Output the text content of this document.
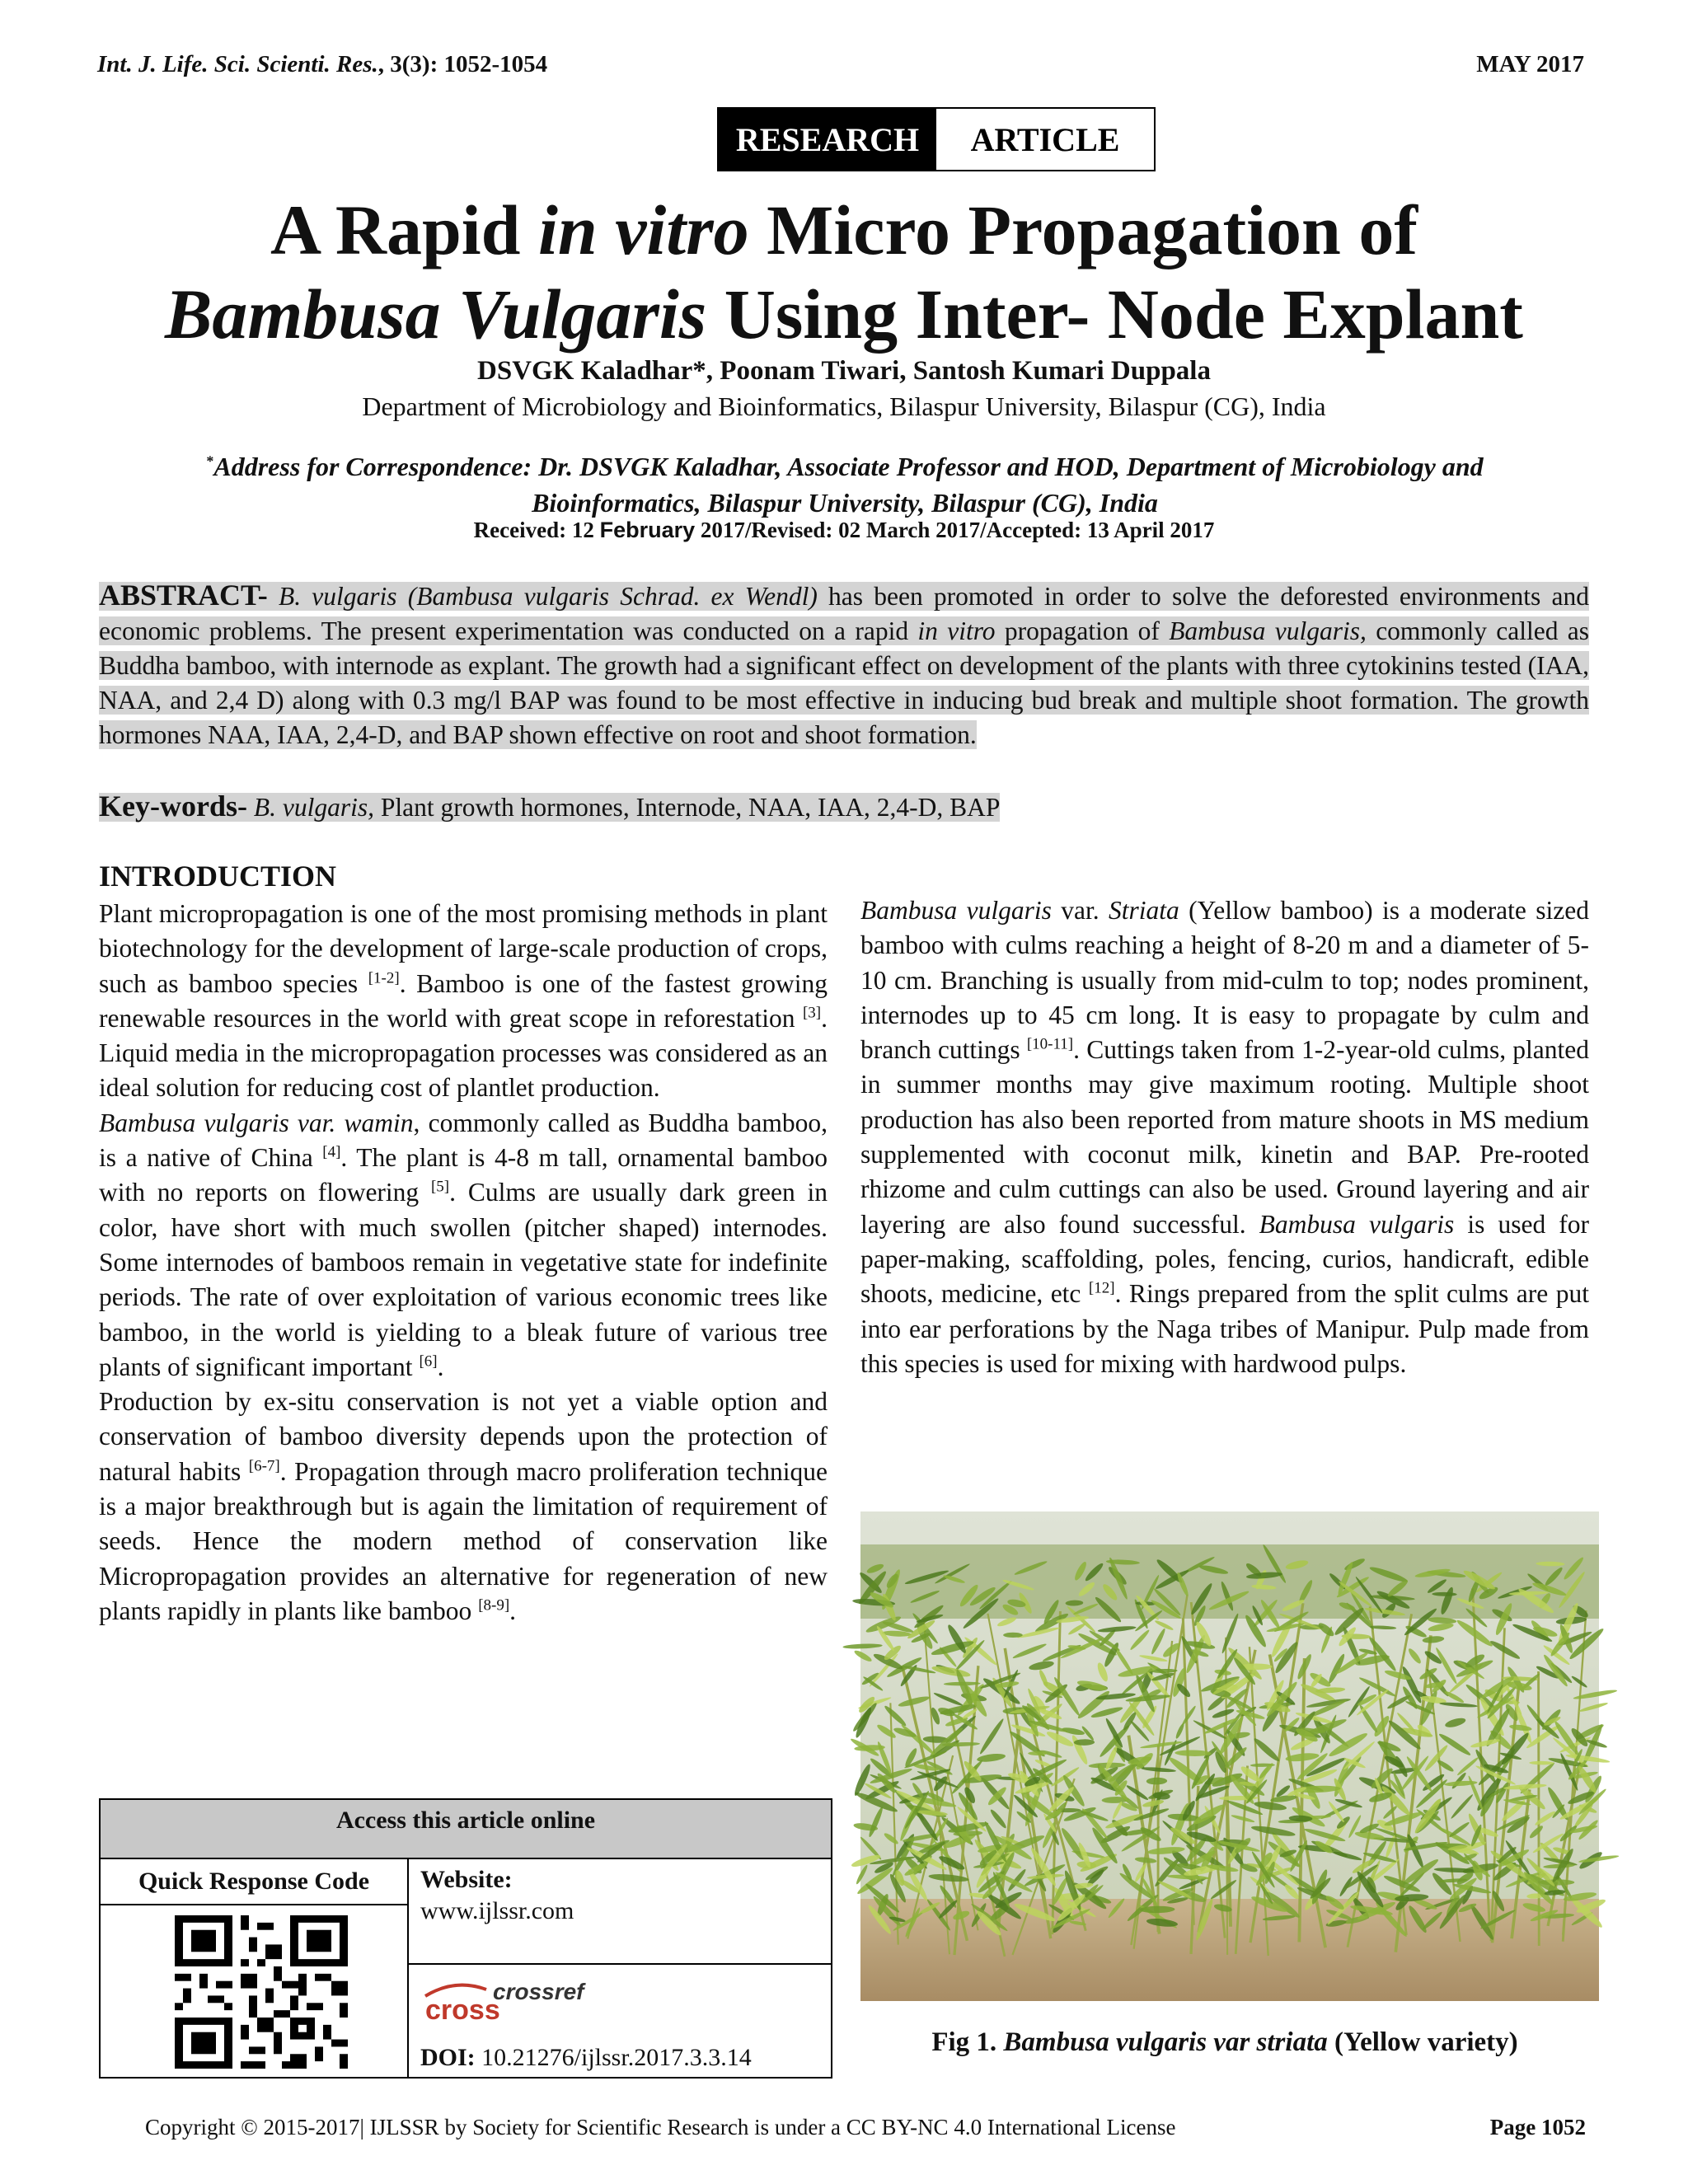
Int. J. Life. Sci. Scienti. Res., 3(3): 1052-1054	MAY 2017
RESEARCH	ARTICLE
A Rapid in vitro Micro Propagation of
Bambusa Vulgaris Using Inter- Node Explant
DSVGK Kaladhar*, Poonam Tiwari, Santosh Kumari Duppala
Department of Microbiology and Bioinformatics, Bilaspur University, Bilaspur (CG), India
*Address for Correspondence: Dr. DSVGK Kaladhar, Associate Professor and HOD, Department of Microbiology and
Bioinformatics, Bilaspur University, Bilaspur (CG), India
Received: 12 February 2017/Revised: 02 March 2017/Accepted: 13 April 2017

ABSTRACT- B. vulgaris (Bambusa vulgaris Schrad. ex Wendl) has been promoted in order to solve the deforested environments and economic problems. The present experimentation was conducted on a rapid in vitro propagation of Bambusa vulgaris, commonly called as Buddha bamboo, with internode as explant. The growth had a significant effect on development of the plants with three cytokinins tested (IAA, NAA, and 2,4 D) along with 0.3 mg/l BAP was found to be most effective in inducing bud break and multiple shoot formation. The growth hormones NAA, IAA, 2,4-D, and BAP shown effective on root and shoot formation.

Key-words- B. vulgaris, Plant growth hormones, Internode, NAA, IAA, 2,4-D, BAP

INTRODUCTION

Plant micropropagation is one of the most promising methods in plant biotechnology for the development of large-scale production of crops, such as bamboo species [1-2]. Bamboo is one of the fastest growing renewable resources in the world with great scope in reforestation [3]. Liquid media in the micropropagation processes was considered as an ideal solution for reducing cost of plantlet production.

Bambusa vulgaris var. wamin, commonly called as Buddha bamboo, is a native of China [4]. The plant is 4-8 m tall, ornamental bamboo with no reports on flowering [5]. Culms are usually dark green in color, have short with much swollen (pitcher shaped) internodes. Some internodes of bamboos remain in vegetative state for indefinite periods. The rate of over exploitation of various economic trees like bamboo, in the world is yielding to a bleak future of various tree plants of significant important [6].

Production by ex-situ conservation is not yet a viable option and conservation of bamboo diversity depends upon the protection of natural habits [6-7]. Propagation through macro proliferation technique is a major breakthrough but is again the limitation of requirement of seeds. Hence the modern method of conservation like Micropropagation provides an alternative for regeneration of new plants rapidly in plants like bamboo [8-9].

Bambusa vulgaris var. Striata (Yellow bamboo) is a moderate sized bamboo with culms reaching a height of 8-20 m and a diameter of 5-10 cm. Branching is usually from mid-culm to top; nodes prominent, internodes up to 45 cm long. It is easy to propagate by culm and branch cuttings [10-11]. Cuttings taken from 1-2-year-old culms, planted in summer months may give maximum rooting. Multiple shoot production has also been reported from mature shoots in MS medium supplemented with coconut milk, kinetin and BAP. Pre-rooted rhizome and culm cuttings can also be used. Ground layering and air layering are also found successful. Bambusa vulgaris is used for paper-making, scaffolding, poles, fencing, curios, handicraft, edible shoots, medicine, etc [12]. Rings prepared from the split culms are put into ear perforations by the Naga tribes of Manipur. Pulp made from this species is used for mixing with hardwood pulps.

Access this article online
Quick Response Code	Website:
www.ijlssr.com
cross
crossref
DOI: 10.21276/ijlssr.2017.3.3.14
Fig 1. Bambusa vulgaris var striata (Yellow variety)
Copyright © 2015-2017| IJLSSR by Society for Scientific Research is under a CC BY-NC 4.0 International License	Page 1052
